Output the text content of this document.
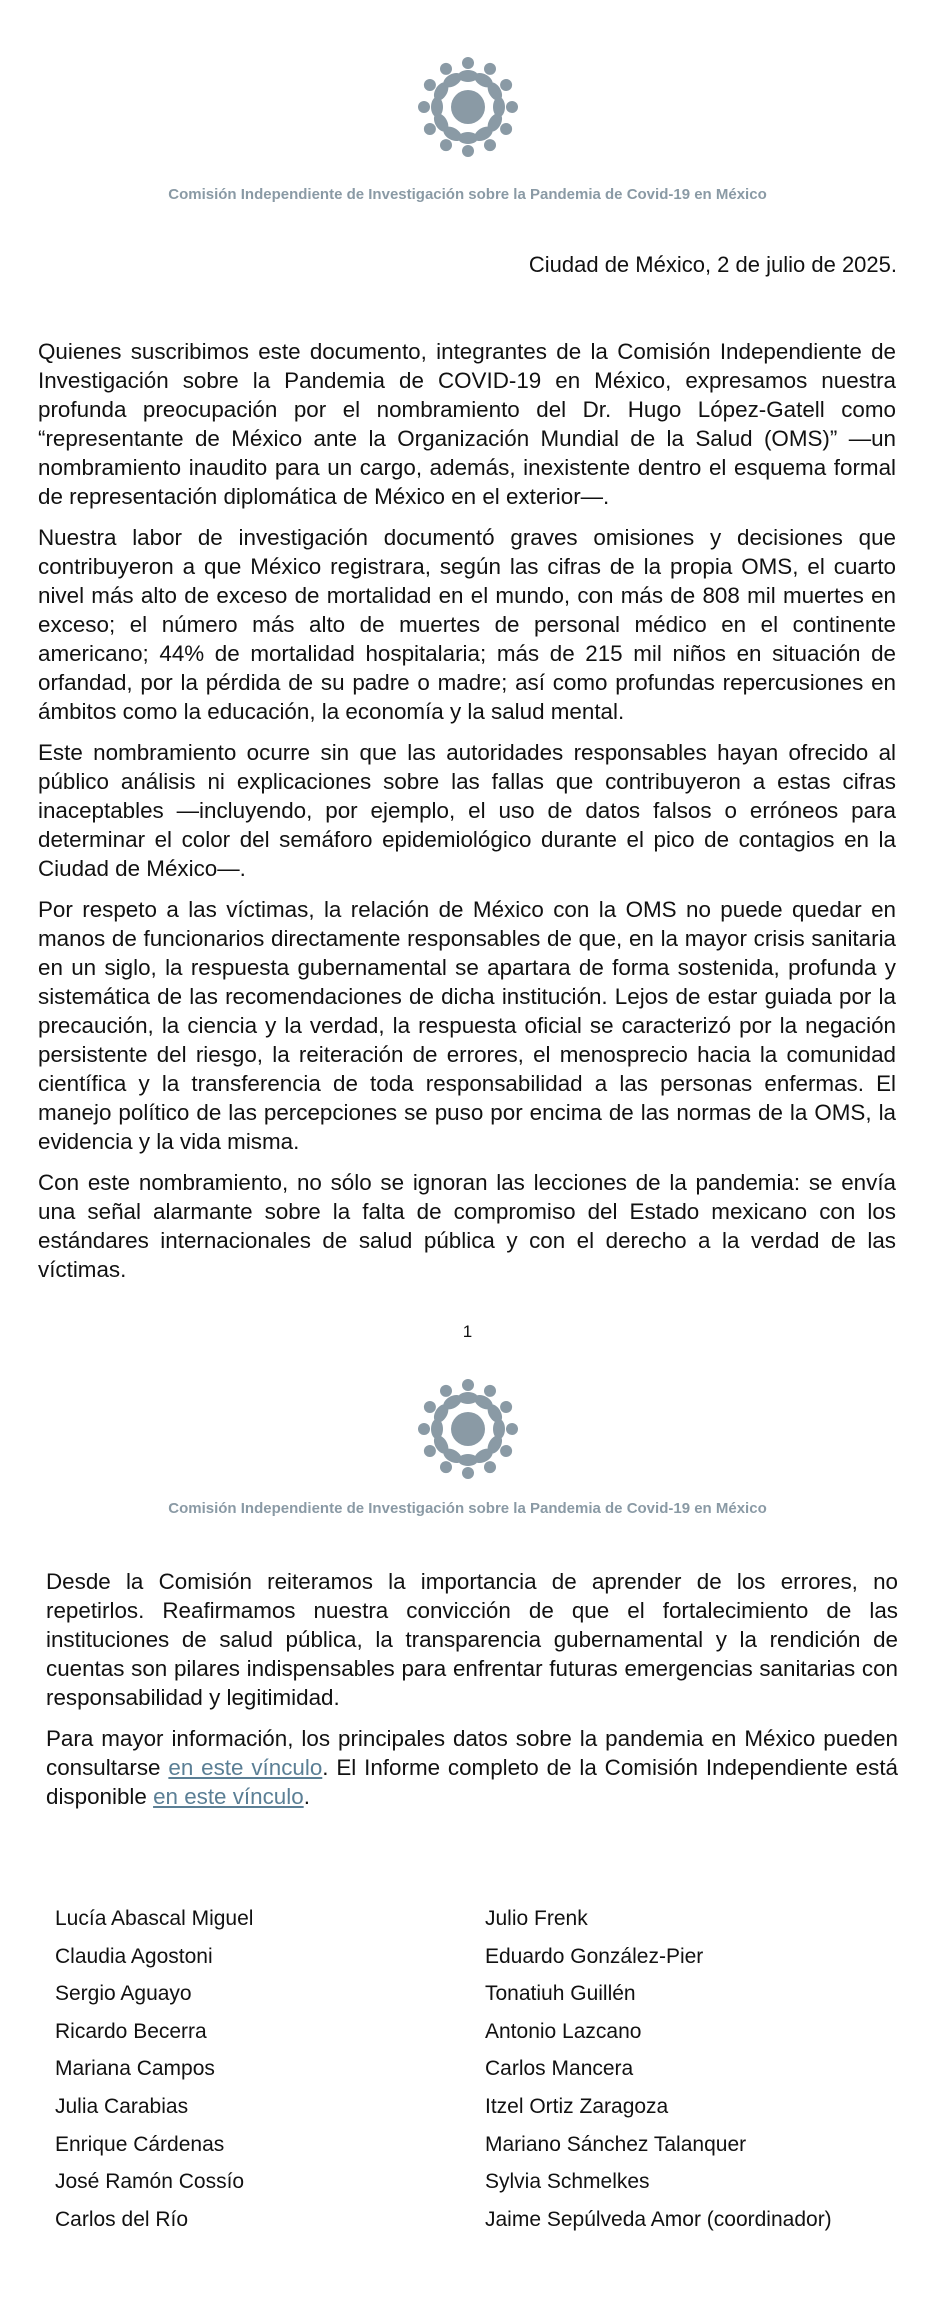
Comisión Independiente de Investigación sobre la Pandemia de Covid-19 en México
Ciudad de México, 2 de julio de 2025.

Quienes suscribimos este documento, integrantes de la Comisión Independiente de Investigación sobre la Pandemia de COVID-19 en México, expresamos nuestra profunda preocupación por el nombramiento del Dr. Hugo López-Gatell como “representante de México ante la Organización Mundial de la Salud (OMS)” —un nombramiento inaudito para un cargo, además, inexistente dentro el esquema formal de representación diplomática de México en el exterior—.

Nuestra labor de investigación documentó graves omisiones y decisiones que contribuyeron a que México registrara, según las cifras de la propia OMS, el cuarto nivel más alto de exceso de mortalidad en el mundo, con más de 808 mil muertes en exceso; el número más alto de muertes de personal médico en el continente americano; 44% de mortalidad hospitalaria; más de 215 mil niños en situación de orfandad, por la pérdida de su padre o madre; así como profundas repercusiones en ámbitos como la educación, la economía y la salud mental.

Este nombramiento ocurre sin que las autoridades responsables hayan ofrecido al público análisis ni explicaciones sobre las fallas que contribuyeron a estas cifras inaceptables —incluyendo, por ejemplo, el uso de datos falsos o erróneos para determinar el color del semáforo epidemiológico durante el pico de contagios en la Ciudad de México—.

Por respeto a las víctimas, la relación de México con la OMS no puede quedar en manos de funcionarios directamente responsables de que, en la mayor crisis sanitaria en un siglo, la respuesta gubernamental se apartara de forma sostenida, profunda y sistemática de las recomendaciones de dicha institución. Lejos de estar guiada por la precaución, la ciencia y la verdad, la respuesta oficial se caracterizó por la negación persistente del riesgo, la reiteración de errores, el menosprecio hacia la comunidad científica y la transferencia de toda responsabilidad a las personas enfermas. El manejo político de las percepciones se puso por encima de las normas de la OMS, la evidencia y la vida misma.

Con este nombramiento, no sólo se ignoran las lecciones de la pandemia: se envía una señal alarmante sobre la falta de compromiso del Estado mexicano con los estándares internacionales de salud pública y con el derecho a la verdad de las víctimas.

1
Comisión Independiente de Investigación sobre la Pandemia de Covid-19 en México

Desde la Comisión reiteramos la importancia de aprender de los errores, no repetirlos. Reafirmamos nuestra convicción de que el fortalecimiento de las instituciones de salud pública, la transparencia gubernamental y la rendición de cuentas son pilares indispensables para enfrentar futuras emergencias sanitarias con responsabilidad y legitimidad.

Para mayor información, los principales datos sobre la pandemia en México pueden consultarse en este vínculo. El Informe completo de la Comisión Independiente está disponible en este vínculo.

Lucía Abascal Miguel
Claudia Agostoni
Sergio Aguayo
Ricardo Becerra
Mariana Campos
Julia Carabias
Enrique Cárdenas
José Ramón Cossío
Carlos del Río
Julio Frenk
Eduardo González-Pier
Tonatiuh Guillén
Antonio Lazcano
Carlos Mancera
Itzel Ortiz Zaragoza
Mariano Sánchez Talanquer
Sylvia Schmelkes
Jaime Sepúlveda Amor (coordinador)
